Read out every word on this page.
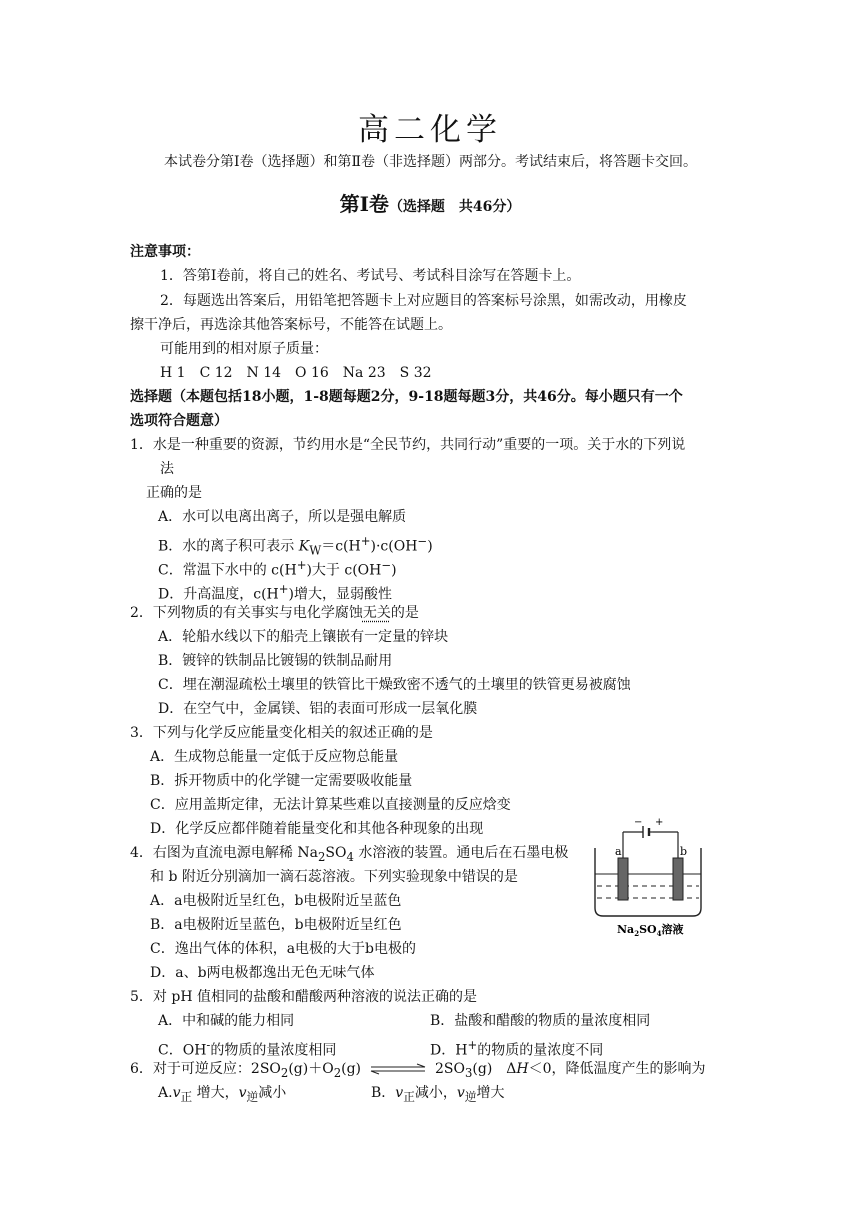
高二化学
本试卷分第Ⅰ卷（选择题）和第Ⅱ卷（非选择题）两部分。考试结束后，将答题卡交回。
第Ⅰ卷（选择题　共46分）
注意事项：
1．答第Ⅰ卷前，将自己的姓名、考试号、考试科目涂写在答题卡上。
2．每题选出答案后，用铅笔把答题卡上对应题目的答案标号涂黑，如需改动，用橡皮
擦干净后，再选涂其他答案标号，不能答在试题上。
可能用到的相对原子质量：
H 1　C 12　N 14　O 16　Na 23　S 32
选择题（本题包括18小题，1-8题每题2分，9-18题每题3分，共46分。每小题只有一个
选项符合题意）
1．水是一种重要的资源，节约用水是“全民节约，共同行动”重要的一项。关于水的下列说
法
正确的是
A．水可以电离出离子，所以是强电解质
B．水的离子积可表示 $K_W=c(H^+)\cdot c(OH^-)$
C．常温下水中的 c(H+)大于 c(OH−)
D．升高温度，c(H+)增大，显弱酸性
2．下列物质的有关事实与电化学腐蚀无关的是
A．轮船水线以下的船壳上镶嵌有一定量的锌块
B．镀锌的铁制品比镀锡的铁制品耐用
C．埋在潮湿疏松土壤里的铁管比干燥致密不透气的土壤里的铁管更易被腐蚀
D．在空气中，金属镁、铝的表面可形成一层氧化膜
3．下列与化学反应能量变化相关的叙述正确的是
A．生成物总能量一定低于反应物总能量
B．拆开物质中的化学键一定需要吸收能量
C．应用盖斯定律，无法计算某些难以直接测量的反应焓变
D．化学反应都伴随着能量变化和其他各种现象的出现
4．右图为直流电源电解稀 $Na_2SO_4$ 水溶液的装置。通电后在石墨电极
和 b 附近分别滴加一滴石蕊溶液。下列实验现象中错误的是
A．a电极附近呈红色，b电极附近呈蓝色
B．a电极附近呈蓝色，b电极附近呈红色
C．逸出气体的体积，a电极的大于b电极的
D．a、b两电极都逸出无色无味气体
− +
a	b
$Na_2SO_4$溶液
5．对 pH 值相同的盐酸和醋酸两种溶液的说法正确的是
A．中和碱的能力相同	B．盐酸和醋酸的物质的量浓度相同
C．OH-的物质的量浓度相同	D．H+的物质的量浓度不同
6．对于可逆反应：$2SO_2(g)+O_2(g)$	$2SO_3(g)$　ΔH＜0，降低温度产生的影响为
$A.v_正$ 增大，$v_逆$减小	B．$v_正$减小，$v_逆$增大
